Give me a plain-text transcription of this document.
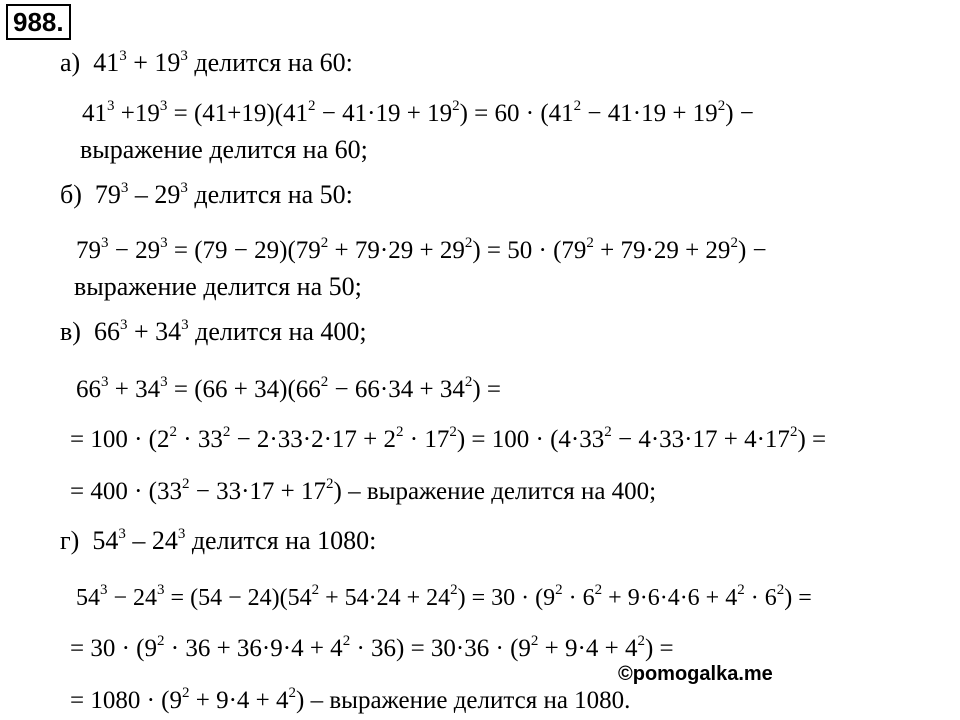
988.
а) $41^3 + 19^3$ делится на 60:
$41^3 +19^3 = (41+19)(41^2 - 41\cdot 19 + 19^2) = 60 \cdot (41^2 - 41\cdot 19 + 19^2)$ −
выражение делится на 60;
б) $79^3 - 29^3$ делится на 50:
$79^3 - 29^3 = (79 - 29)(79^2 + 79\cdot 29 + 29^2) = 50 \cdot (79^2 + 79\cdot 29 + 29^2)$ −
выражение делится на 50;
в) $66^3 + 34^3$ делится на 400;
$66^3 + 34^3 = (66 + 34)(66^2 - 66\cdot 34 + 34^2)$ =
= $100 \cdot (2^2 \cdot 33^2 - 2\cdot 33\cdot 2\cdot 17 + 2^2 \cdot 17^2) = 100 \cdot (4\cdot 33^2 - 4\cdot 33\cdot 17 + 4\cdot 17^2)$ =
= $400 \cdot (33^2 - 33\cdot 17 + 17^2)$ – выражение делится на 400;
г) $54^3 - 24^3$ делится на 1080:
$54^3 - 24^3 = (54 - 24)(54^2 + 54\cdot 24 + 24^2) = 30 \cdot (9^2 \cdot 6^2 + 9\cdot 6\cdot 4\cdot 6 + 4^2 \cdot 6^2)$ =
= $30 \cdot (9^2 \cdot 36 + 36\cdot 9\cdot 4 + 4^2 \cdot 36) = 30\cdot 36 \cdot (9^2 + 9\cdot 4 + 4^2)$ =
= $1080 \cdot (9^2 + 9\cdot 4 + 4^2)$ – выражение делится на 1080.
©pomogalka.me
